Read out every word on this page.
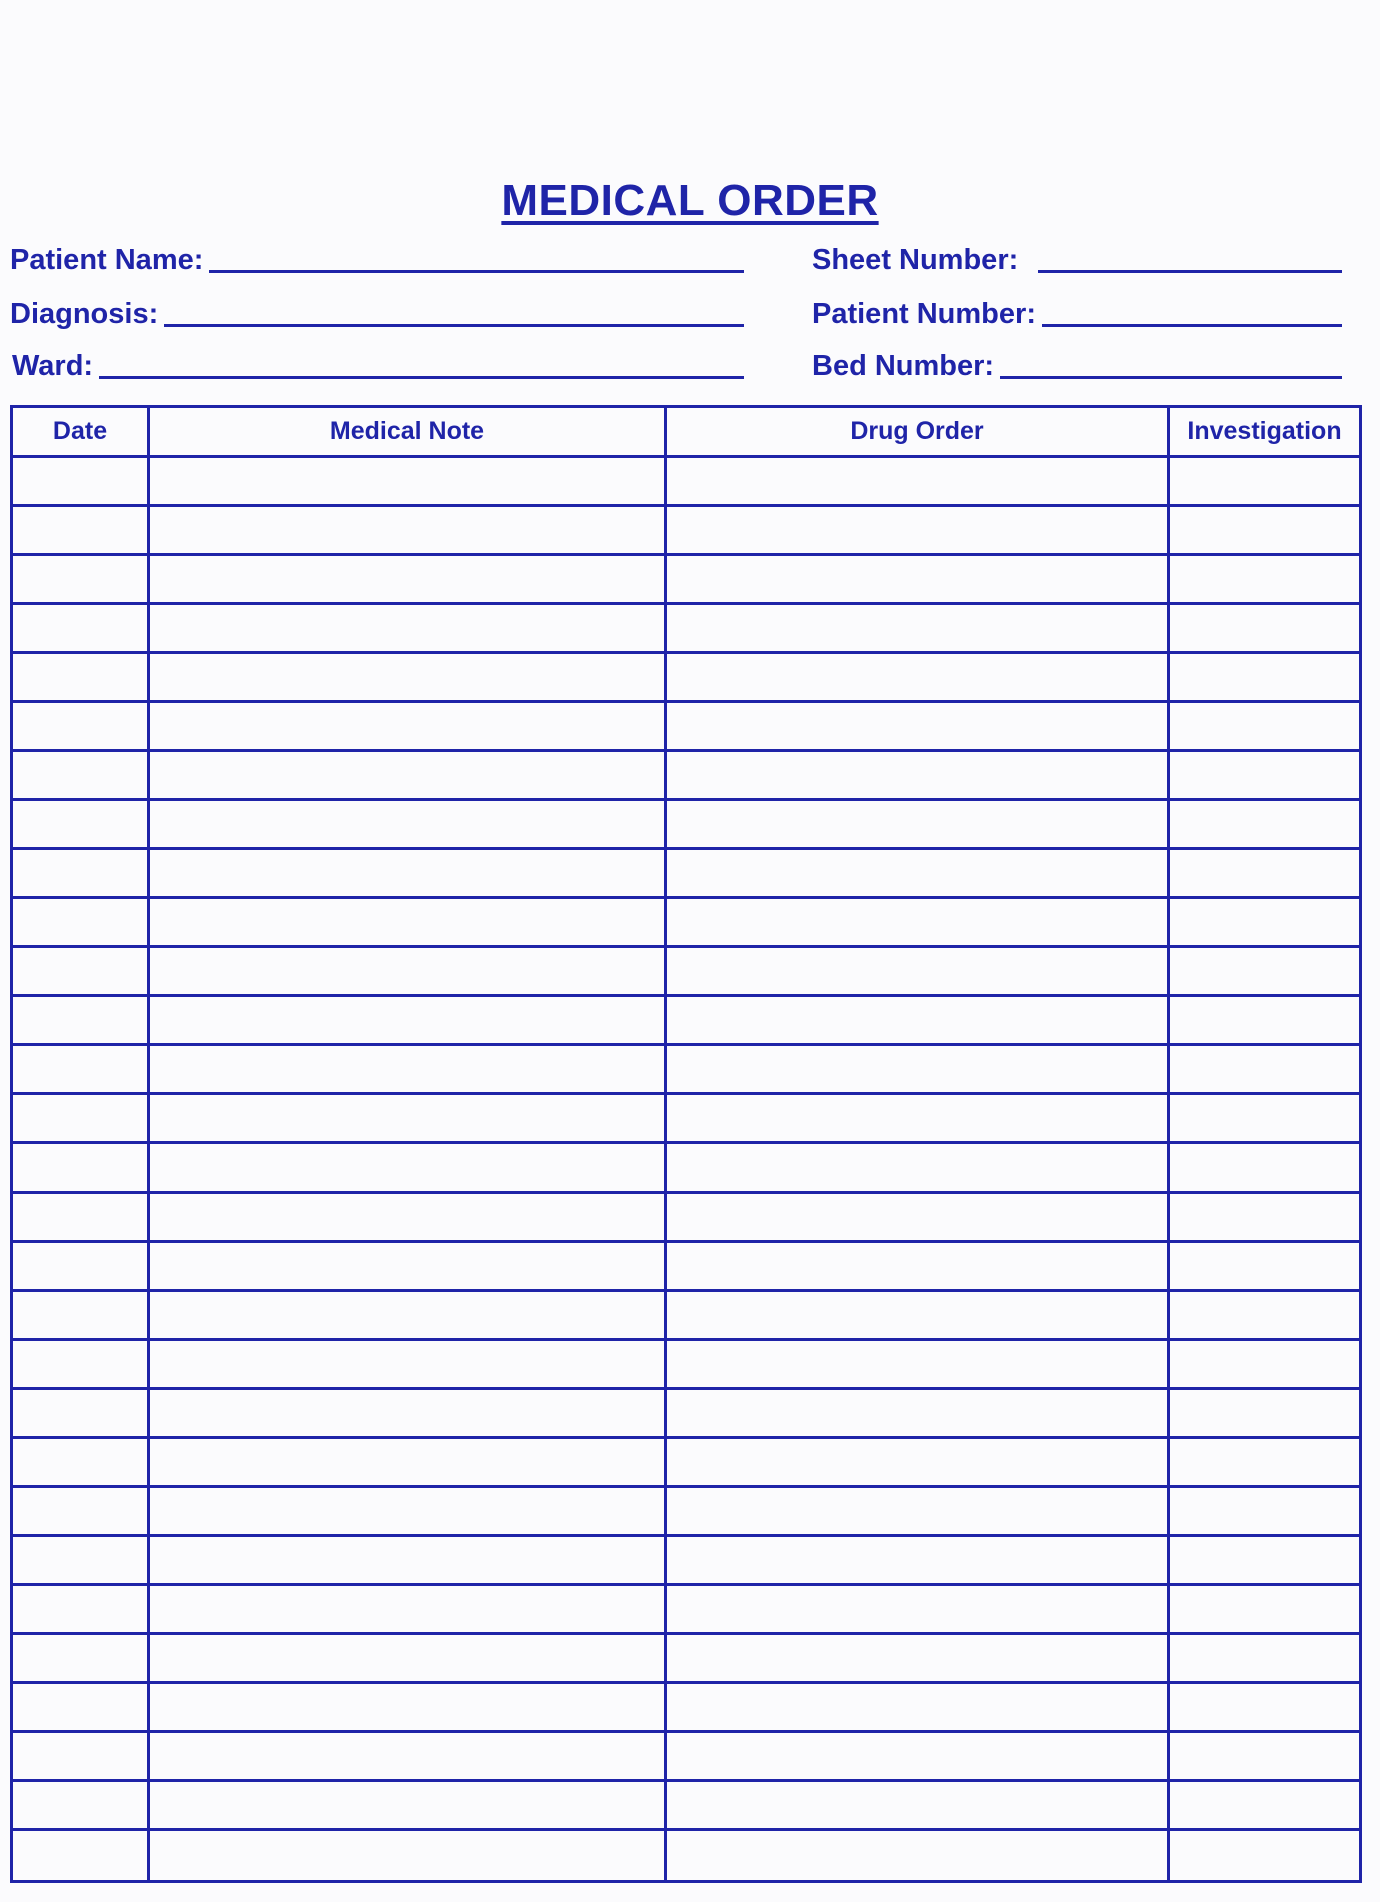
MEDICAL ORDER
Patient Name:
Diagnosis:
Ward:
Sheet Number:
Patient Number:
Bed Number:
Date	Medical Note	Drug Order	Investigation
